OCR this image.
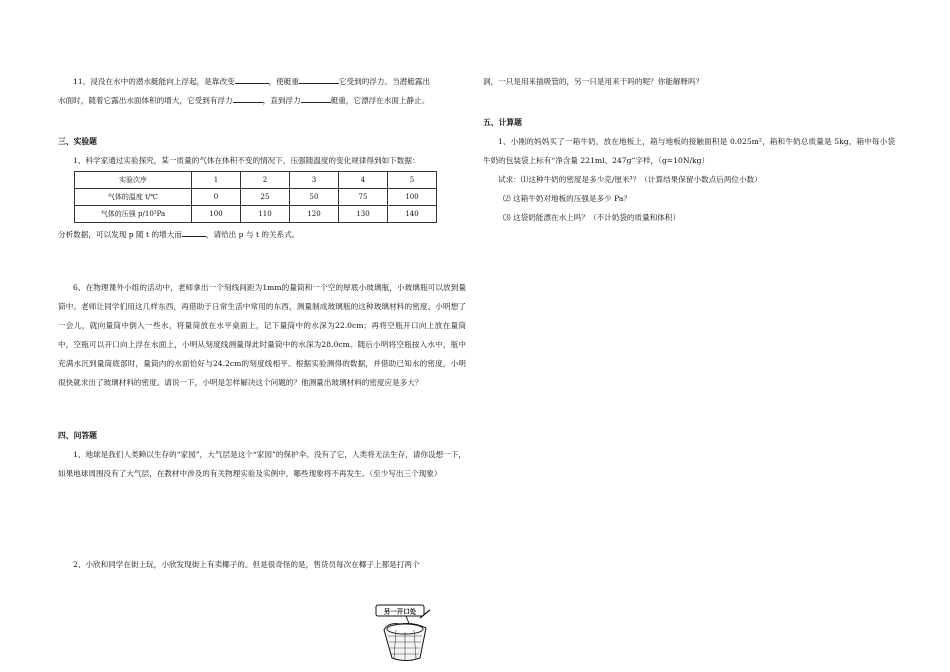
11、浸没在水中的潜水艇能向上浮起，是靠改变	，使艇重	它受到的浮力。当潜艇露出

水面时，随着它露出水面体积的增大，它受到有浮力	，直到浮力	艇重，它漂浮在水面上静止。

三、实验题

1、科学家通过实验探究，某一质量的气体在体积不变的情况下，压强随温度的变化规律得到如下数据：

实验次序	1	2	3	4	5
气体的温度 t/℃	0	25	50	75	100
气体的压强 p/10³Pa	100	110	120	130	140

分析数据，可以发现 p 随 t 的增大而	，请给出 p 与 t 的关系式。

6、在物理课外小组的活动中，老师拿出一个刻线间距为1mm的量筒和一个空的厚底小玻璃瓶，小玻璃瓶可以放到量筒中。老师让同学们用这几样东西，再借助于日常生活中常用的东西，测量制成玻璃瓶的这种玻璃材料的密度。小明想了一会儿，就向量筒中倒入一些水，将量筒放在水平桌面上，记下量筒中的水深为22.0cm；再将空瓶开口向上放在量筒中，空瓶可以开口向上浮在水面上，小明从刻度线测量得此时量筒中的水深为28.0cm。随后小明将空瓶按入水中，瓶中充满水沉到量筒底部时，量筒内的水面恰好与24.2cm的刻度线相平。根据实验测得的数据，并借助已知水的密度，小明很快就求出了玻璃材料的密度。请说一下，小明是怎样解决这个问题的？他测量出玻璃材料的密度应是多大？

四、问答题

1、地球是我们人类赖以生存的“家园”，大气层是这个“家园”的保护伞。没有了它，人类将无法生存，请你设想一下，如果地球周围没有了大气层，在教材中涉及的有关物理实验及实例中，哪些现象将不再发生。（至少写出三个现象）

2、小欣和同学在街上玩，小欣发现街上有卖椰子的。但是很奇怪的是，售货员每次在椰子上都是打两个

洞，一只是用来插吸管的，另一只是用来干吗的呢？你能解释吗？

五、计算题

1、小刚的妈妈买了一箱牛奶，放在地板上，箱与地板的接触面积是 0.025m²，箱和牛奶总质量是 5kg，箱中每小袋牛奶的包装袋上标有“净含量 221ml、247g”字样，（g=10N/kg）

试求：⑴这种牛奶的密度是多少克/厘米³？（计算结果保留小数点后两位小数）

⑵ 这箱牛奶对地板的压强是多少 Pa？

⑶ 这袋奶能漂在水上吗？（不计奶袋的质量和体积）

另一开口处
